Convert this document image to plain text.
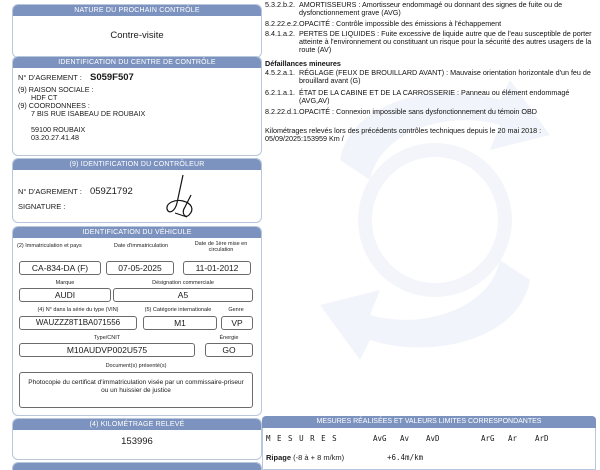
NATURE DU PROCHAIN CONTRÔLE
Contre-visite
IDENTIFICATION DU CENTRE DE CONTRÔLE
N° D'AGREMENT : S059F507
(9) RAISON SOCIALE :
HDF CT
(9) COORDONNEES :
7 BIS RUE ISABEAU DE ROUBAIX
59100 ROUBAIX
03.20.27.41.48
(9) IDENTIFICATION DU CONTRÔLEUR
N° D'AGREMENT : 059Z1792
SIGNATURE :
IDENTIFICATION DU VÉHICULE
(2) Immatriculation et pays	Date d'immatriculation	Date de 1ère mise en circulation
CA-834-DA (F)	07-05-2025	11-01-2012
Marque	Désignation commerciale
AUDI	A5
(4) N° dans la série du type (VIN)	(5) Catégorie internationale	Genre
WAUZZZ8T1BA071556	M1	VP
Type/CNIT	Énergie
M10AUDVP002U575	GO
Document(s) présenté(s)
Photocopie du certificat d'immatriculation visée par un commissaire-priseur ou un huissier de justice
(4) KILOMÉTRAGE RELEVÉ
153996
5.3.2.b.2. AMORTISSEURS : Amortisseur endommagé ou donnant des signes de fuite ou de dysfonctionnement grave (AVG)
8.2.22.e.2.OPACITÉ : Contrôle impossible des émissions à l'échappement
8.4.1.a.2. PERTES DE LIQUIDES : Fuite excessive de liquide autre que de l'eau susceptible de porter atteinte à l'environnement ou constituant un risque pour la sécurité des autres usagers de la route (AV)
Défaillances mineures
4.5.2.a.1. RÉGLAGE (FEUX DE BROUILLARD AVANT) : Mauvaise orientation horizontale d'un feu de brouillard avant (G)
6.2.1.a.1. ÉTAT DE LA CABINE ET DE LA CARROSSERIE : Panneau ou élément endommagé (AVG,AV)
8.2.22.d.1.OPACITÉ : Connexion impossible sans dysfonctionnement du témoin OBD
Kilométrages relevés lors des précédents contrôles techniques depuis le 20 mai 2018 :
05/09/2025:153959 Km /
MESURES RÉALISÉES ET VALEURS LIMITES CORRESPONDANTES
M E S U R E S	AvG Av AvD	ArG Ar ArD
Ripage (-8 à + 8 m/km)	+6.4m/km
